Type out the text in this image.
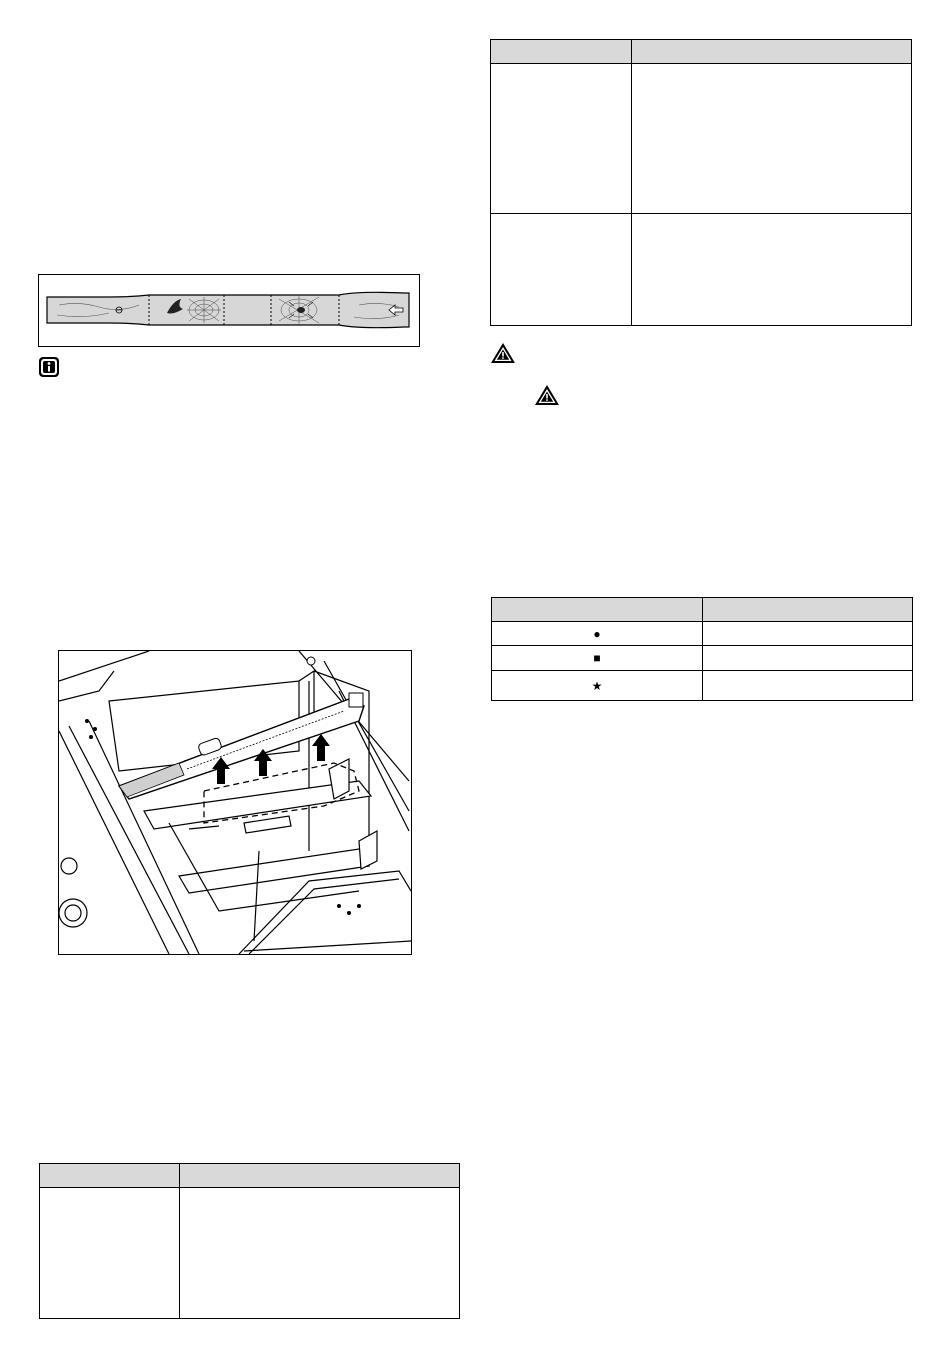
●	
■	
★	
